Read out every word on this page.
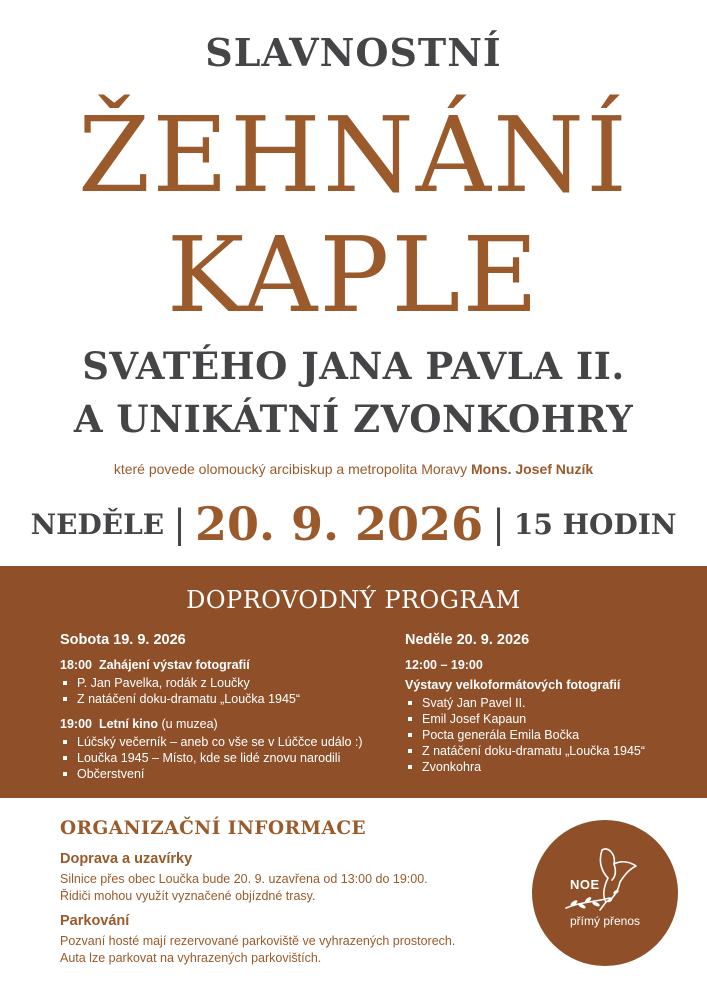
SLAVNOSTNÍ
ŽEHNÁNÍ
KAPLE
SVATÉHO JANA PAVLA II.
A UNIKÁTNÍ ZVONKOHRY
které povede olomoucký arcibiskup a metropolita Moravy Mons. Josef Nuzík
NEDĚLE | 20. 9. 2026 | 15 HODIN
DOPROVODNÝ PROGRAM
Sobota 19. 9. 2026
18:00 Zahájení výstav fotografií
P. Jan Pavelka, rodák z Loučky
Z natáčení doku-dramatu „Loučka 1945“
19:00 Letní kino (u muzea)
Lúčský večerník – aneb co vše se v Lúččce událo :)
Loučka 1945 – Místo, kde se lidé znovu narodili
Občerstvení
Neděle 20. 9. 2026
12:00 – 19:00
Výstavy velkoformátových fotografií
Svatý Jan Pavel II.
Emil Josef Kapaun
Pocta generála Emila Bočka
Z natáčení doku-dramatu „Loučka 1945“
Zvonkohra
ORGANIZAČNÍ INFORMACE
Doprava a uzavírky
Silnice přes obec Loučka bude 20. 9. uzavřena od 13:00 do 19:00.
Řidiči mohou využít vyznačené objízdné trasy.
Parkování
Pozvaní hosté mají rezervované parkoviště ve vyhrazených prostorech.
Auta lze parkovat na vyhrazených parkovištích.
NOE
přímý přenos
